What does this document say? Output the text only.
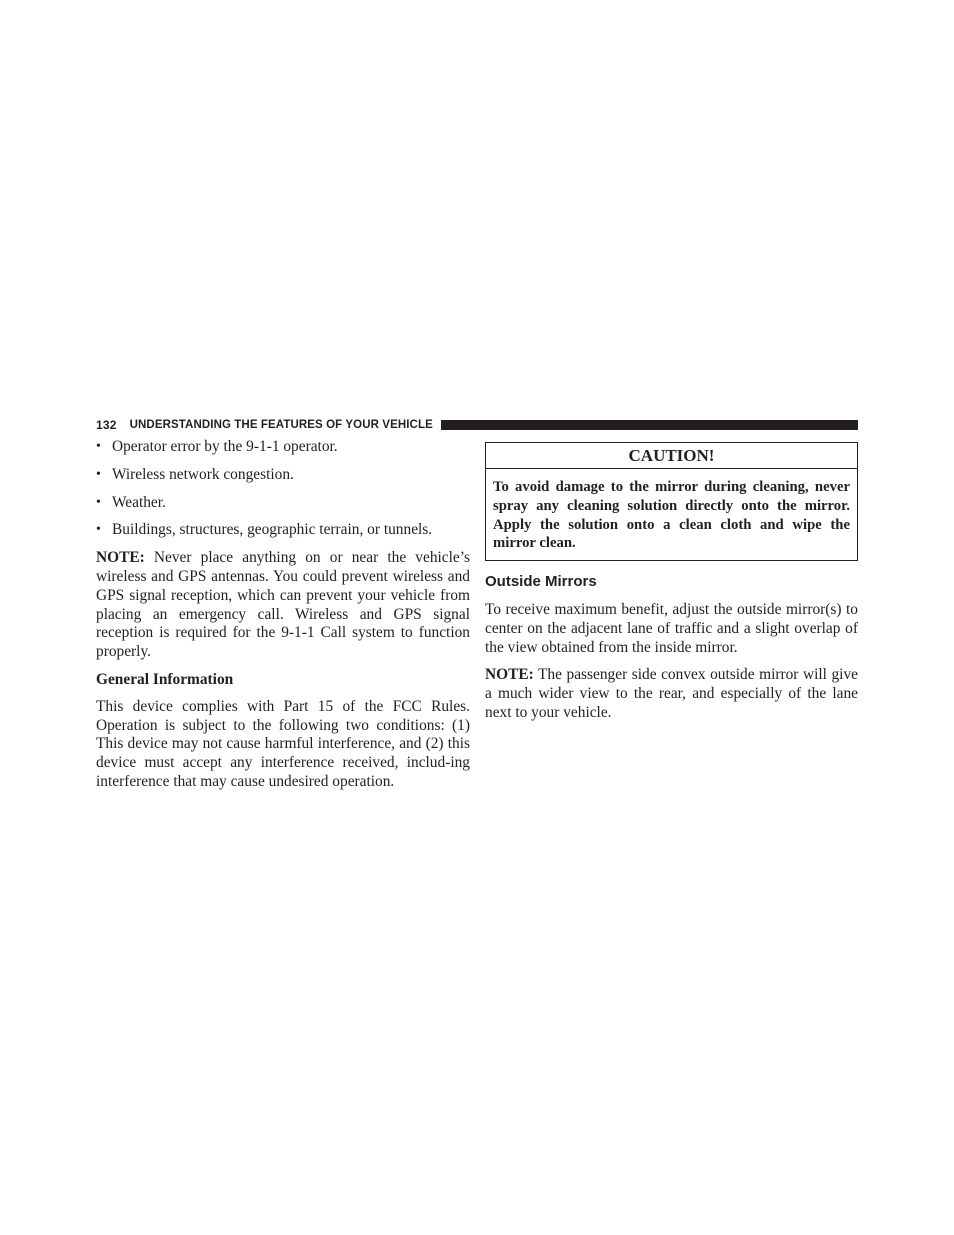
132 UNDERSTANDING THE FEATURES OF YOUR VEHICLE
• Operator error by the 9-1-1 operator.
• Wireless network congestion.
• Weather.
• Buildings, structures, geographic terrain, or tunnels.

NOTE: Never place anything on or near the vehicle’s wireless and GPS antennas. You could prevent wireless and GPS signal reception, which can prevent your vehicle from placing an emergency call. Wireless and GPS signal reception is required for the 9-1-1 Call system to function properly.

General Information

This device complies with Part 15 of the FCC Rules. Operation is subject to the following two conditions: (1) This device may not cause harmful interference, and (2) this device must accept any interference received, includ-ing interference that may cause undesired operation.

CAUTION!
To avoid damage to the mirror during cleaning, never spray any cleaning solution directly onto the mirror. Apply the solution onto a clean cloth and wipe the mirror clean.
Outside Mirrors

To receive maximum benefit, adjust the outside mirror(s) to center on the adjacent lane of traffic and a slight overlap of the view obtained from the inside mirror.

NOTE: The passenger side convex outside mirror will give a much wider view to the rear, and especially of the lane next to your vehicle.
